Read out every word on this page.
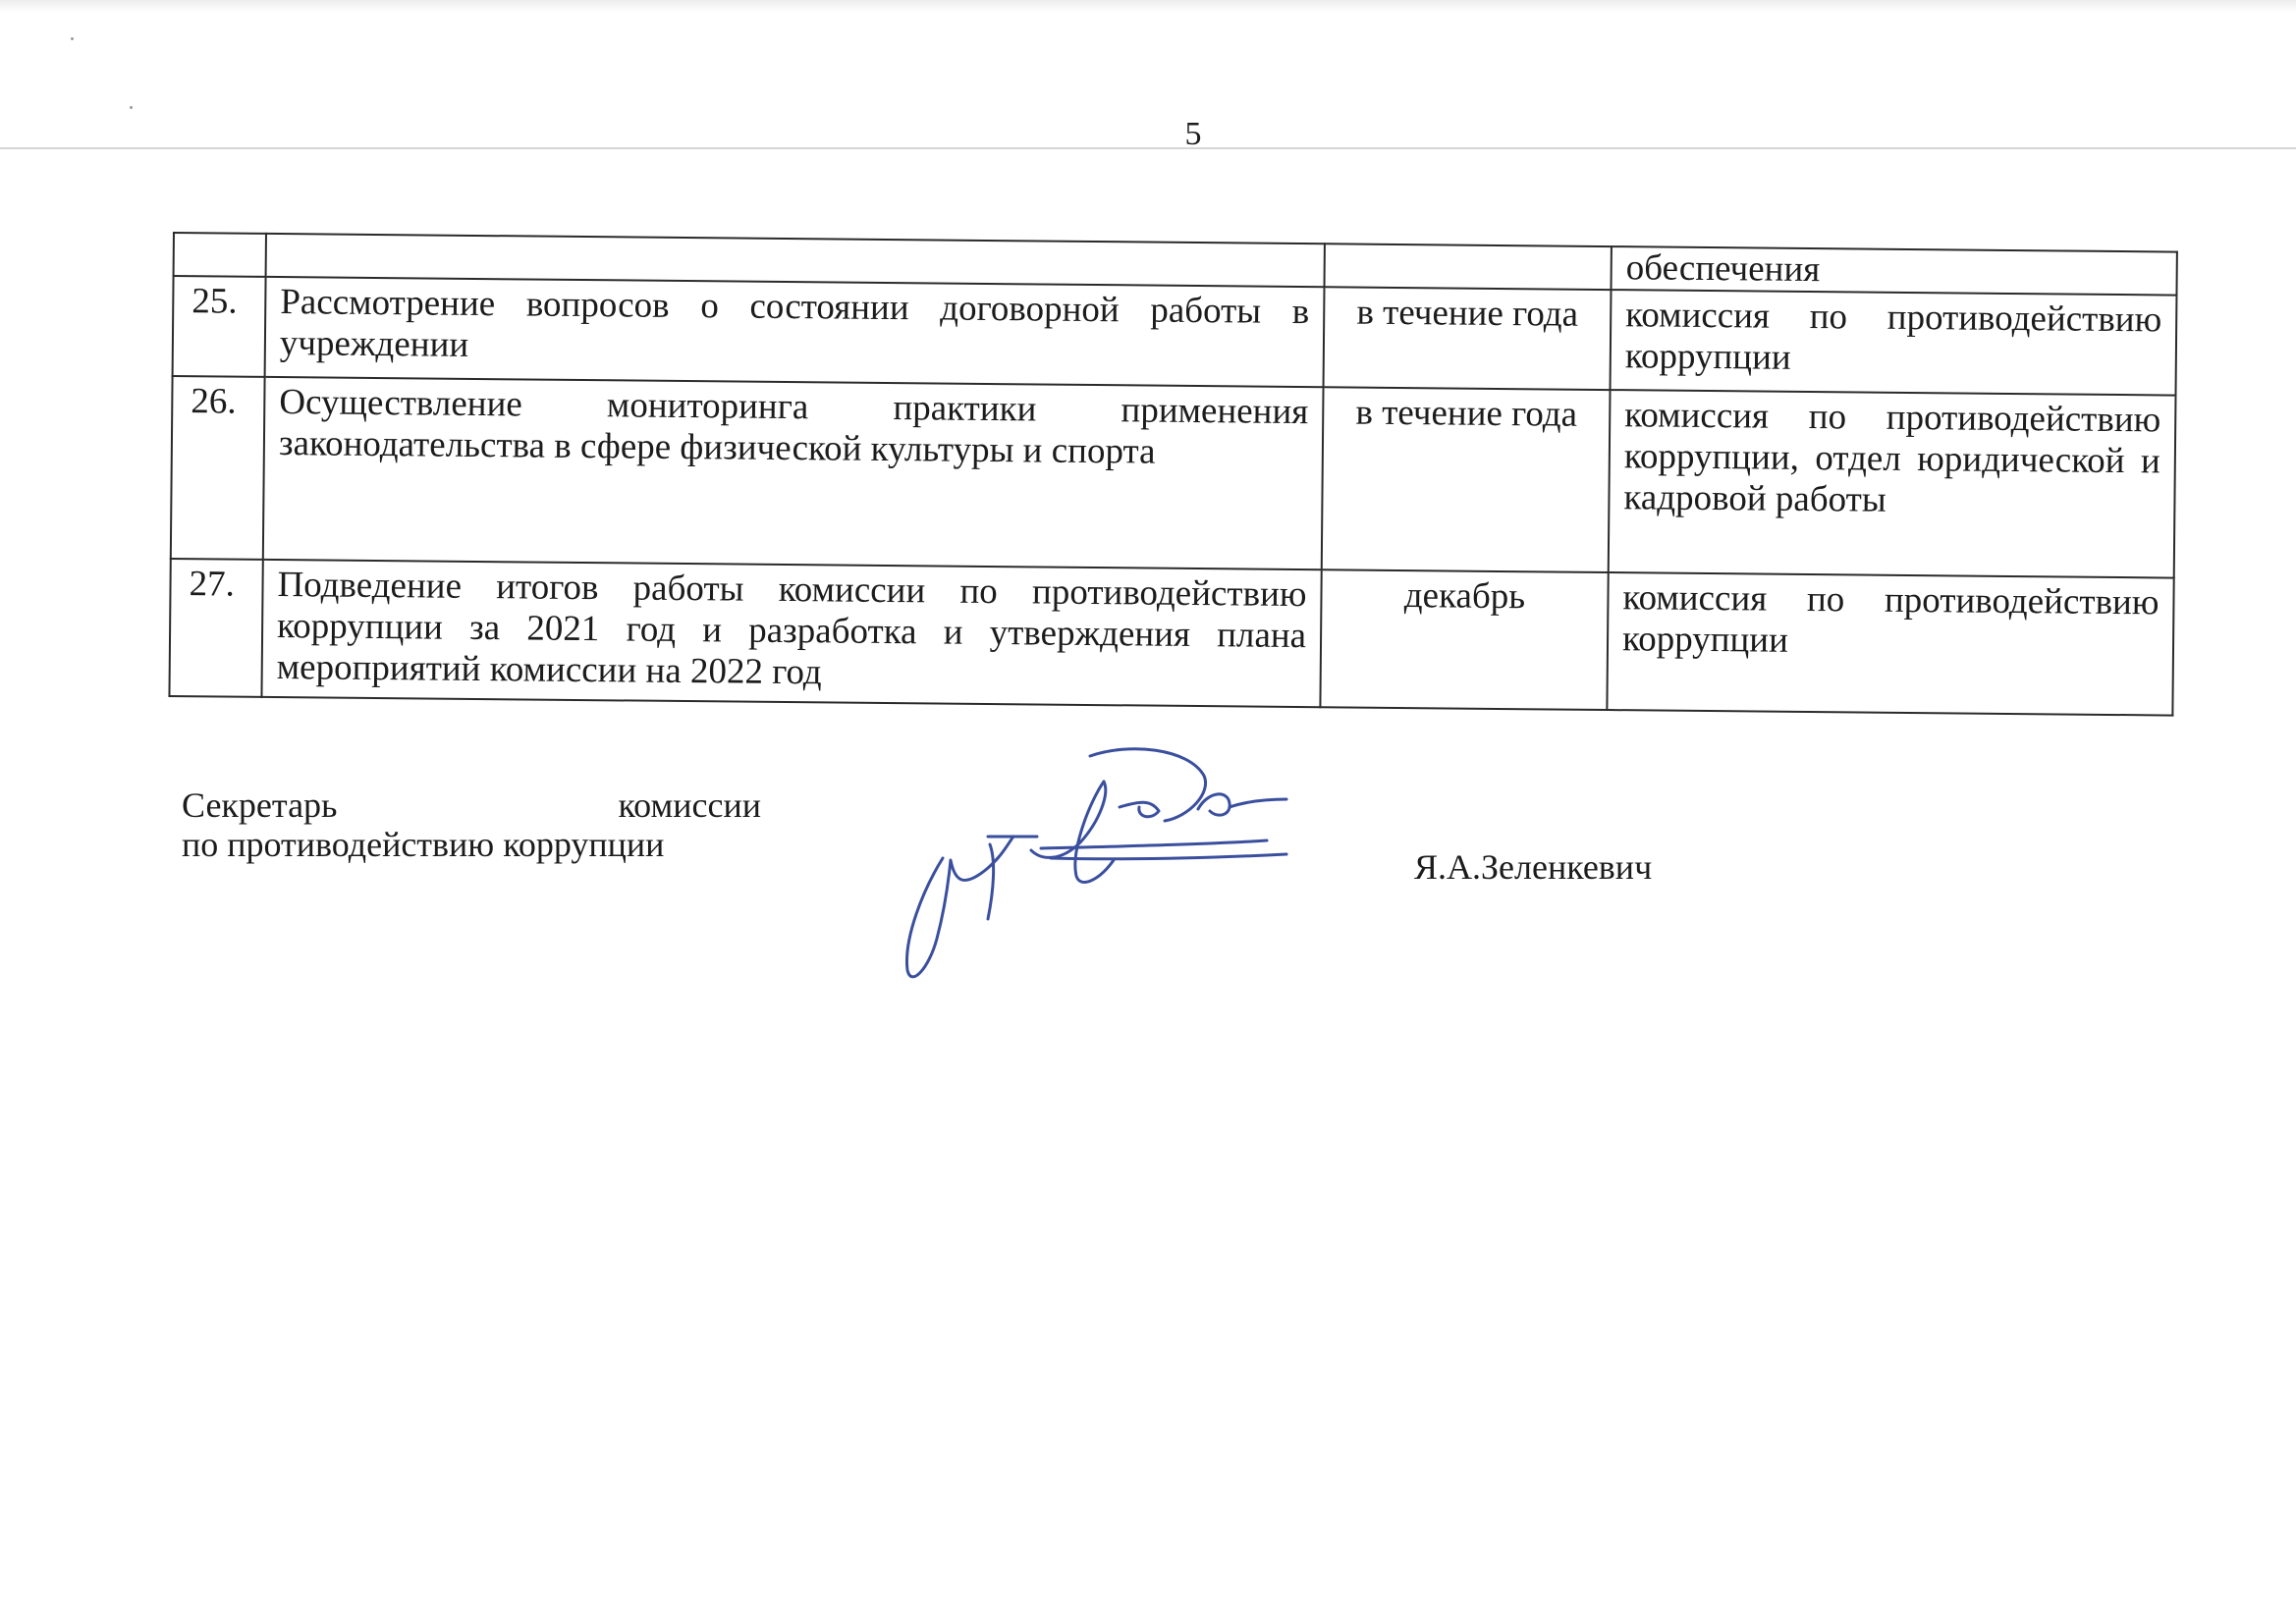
5
			обеспечения
25.	Рассмотрение вопросов о состоянии договорной работы в учреждении	в течение года	комиссия по противодействию коррупции
26.	Осуществление мониторинга практики применения законодательства в сфере физической культуры и спорта	в течение года	комиссия по противодействию коррупции, отдел юридической и кадровой работы
27.	Подведение итогов работы комиссии по противодействию коррупции за 2021 год и разработка и утверждения плана мероприятий комиссии на 2022 год	декабрь	комиссия по противодействию коррупции
Секретарь	комиссии
по противодействию коррупции
Я.А.Зеленкевич
